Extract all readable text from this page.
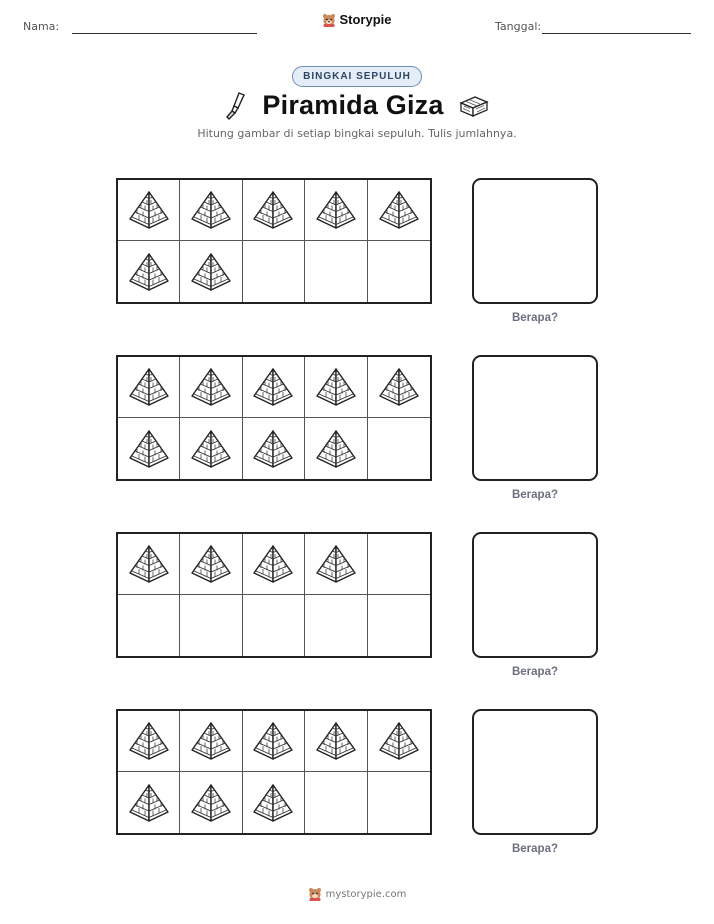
Nama:	Storypie	Tanggal:
BINGKAI SEPULUH
Piramida Giza
Hitung gambar di setiap bingkai sepuluh. Tulis jumlahnya.
Berapa?
Berapa?
Berapa?
Berapa?
mystorypie.com
